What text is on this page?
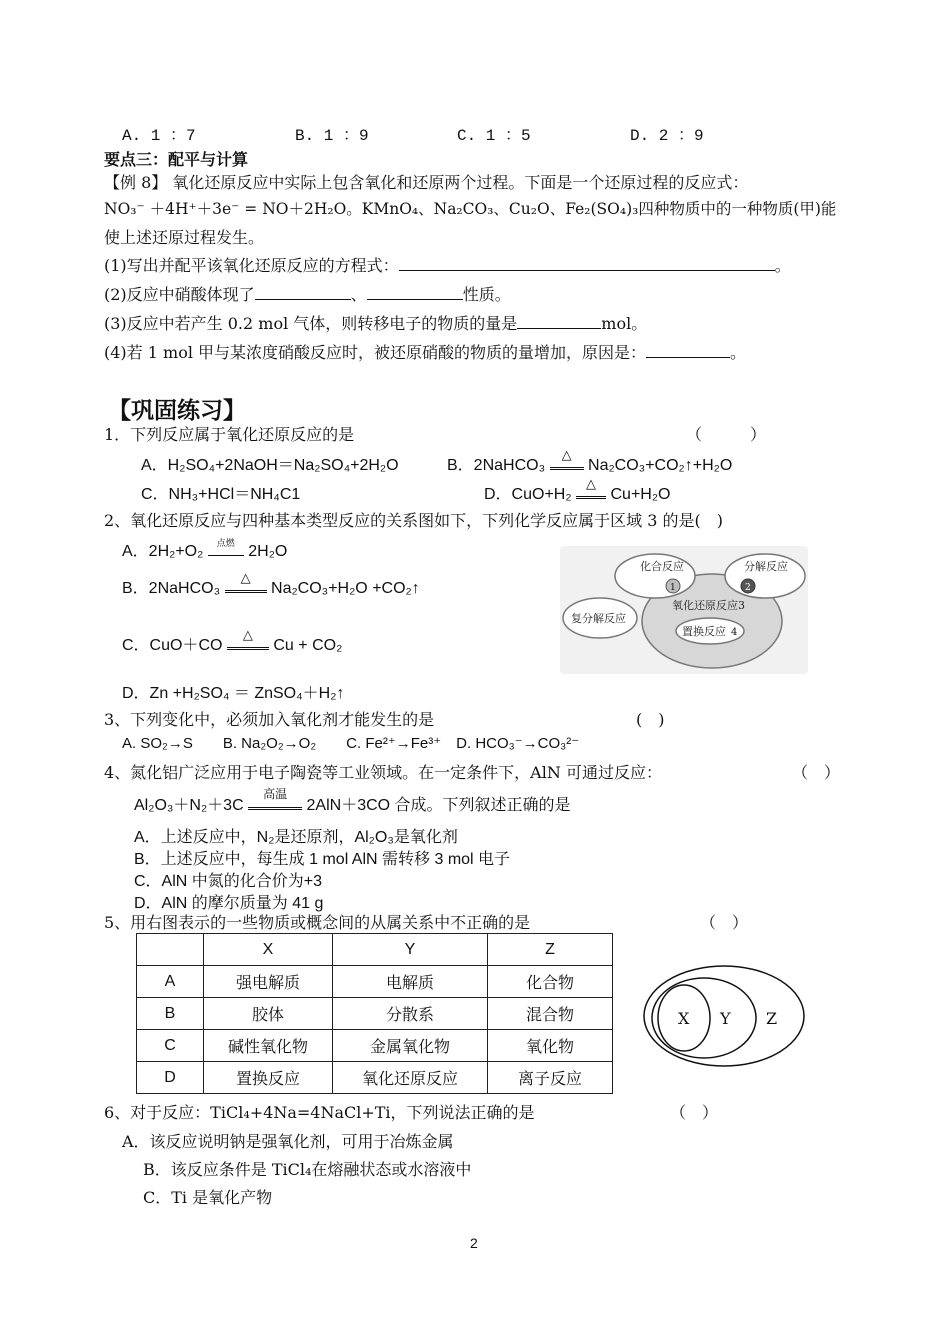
A. 1 ：7	B. 1 ：9	C. 1 ：5	D. 2 ：9
要点三：配平与计算
【例 8】 氧化还原反应中实际上包含氧化和还原两个过程。下面是一个还原过程的反应式：
NO₃⁻ ＋4H⁺＋3e⁻ = NO＋2H₂O。KMnO₄、Na₂CO₃、Cu₂O、Fe₂(SO₄)₃四种物质中的一种物质(甲)能
使上述还原过程发生。
(1)写出并配平该氧化还原反应的方程式：	。
(2)反应中硝酸体现了	、	性质。
(3)反应中若产生 0.2 mol 气体，则转移电子的物质的量是	mol。
(4)若 1 mol 甲与某浓度硝酸反应时，被还原硝酸的物质的量增加，原因是：	。
【巩固练习】
1．下列反应属于氧化还原反应的是	（　　　）
A．H₂SO₄+2NaOH＝Na₂SO₄+2H₂O	B．2NaHCO₃
△
Na₂CO₃+CO₂↑+H₂O
C．NH₃+HCl＝NH₄C1	D．CuO+H₂
△
Cu+H₂O
2、氧化还原反应与四种基本类型反应的关系图如下，下列化学反应属于区域 3 的是(　)
A．2H₂+O₂	点燃 2H₂O
B．2NaHCO₃
△
Na₂CO₃+H₂O +CO₂↑
C．CuO＋CO
△
Cu + CO₂
D．Zn +H₂SO₄ ＝ ZnSO₄＋H₂↑
化合反应	分解反应
复分解反应
氧化还原反应3
置换反应
1	2
4
3、下列变化中，必须加入氧化剂才能发生的是	(　)
A. SO₂→S　　B. Na₂O₂→O₂　　C. Fe²⁺→Fe³⁺　D. HCO₃⁻→CO₃²⁻
4、氮化铝广泛应用于电子陶瓷等工业领域。在一定条件下，AlN 可通过反应：	（　）
Al₂O₃＋N₂＋3C
高温
2AlN＋3CO 合成。下列叙述正确的是
A．上述反应中，N₂是还原剂，Al₂O₃是氧化剂
B．上述反应中，每生成 1 mol AlN 需转移 3 mol 电子
C．AlN 中氮的化合价为+3
D．AlN 的摩尔质量为 41 g
5、用右图表示的一些物质或概念间的从属关系中不正确的是	（　）
	X	Y	Z
A	强电解质	电解质	化合物
B	胶体	分散系	混合物
C	碱性氧化物	金属氧化物	氧化物
D	置换反应	氧化还原反应	离子反应
X Y Z
6、对于反应：TiCl₄+4Na=4NaCl+Ti，下列说法正确的是	（　）
A．该反应说明钠是强氧化剂，可用于冶炼金属
B．该反应条件是 TiCl₄在熔融状态或水溶液中
C．Ti 是氧化产物
2
